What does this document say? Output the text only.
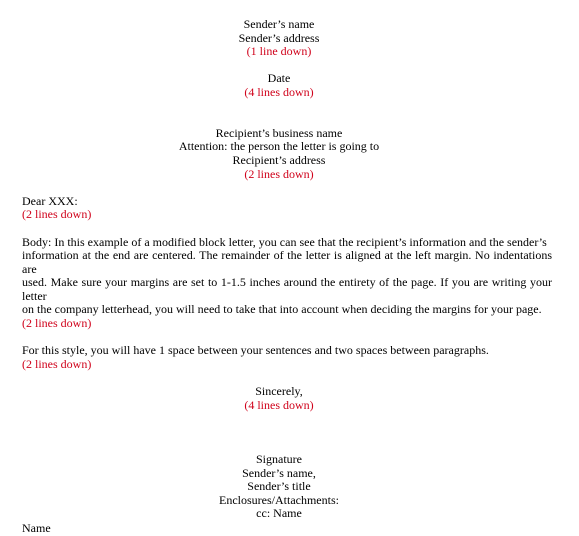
Sender’s name
Sender’s address
(1 line down)
Date
(4 lines down)
Recipient’s business name
Attention: the person the letter is going to
Recipient’s address
(2 lines down)
Dear XXX:
(2 lines down)
Body: In this example of a modified block letter, you can see that the recipient’s information and the sender’s
information at the end are centered. The remainder of the letter is aligned at the left margin. No indentations are
used. Make sure your margins are set to 1-1.5 inches around the entirety of the page. If you are writing your letter
on the company letterhead, you will need to take that into account when deciding the margins for your page.
(2 lines down)
For this style, you will have 1 space between your sentences and two spaces between paragraphs.
(2 lines down)
Sincerely,
(4 lines down)
Signature
Sender’s name,
Sender’s title
Enclosures/Attachments:
cc: Name
Name
